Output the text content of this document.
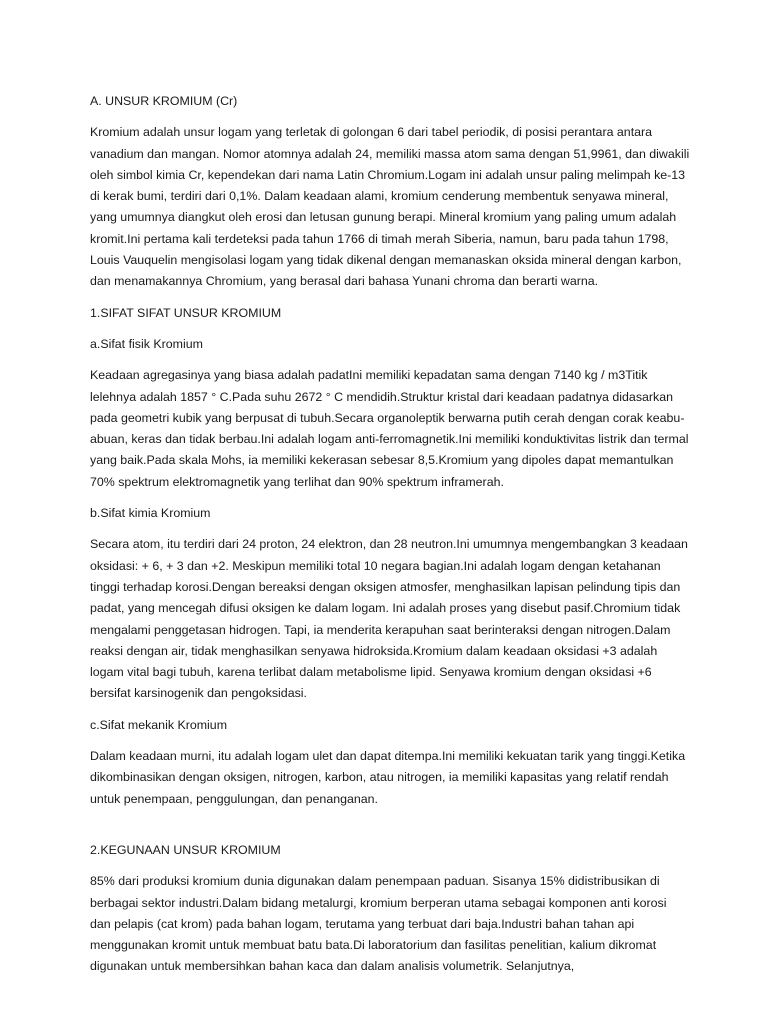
A. UNSUR KROMIUM (Cr)

Kromium adalah unsur logam yang terletak di golongan 6 dari tabel periodik, di posisi perantara antara vanadium dan mangan. Nomor atomnya adalah 24, memiliki massa atom sama dengan 51,9961, dan diwakili oleh simbol kimia Cr, kependekan dari nama Latin Chromium.Logam ini adalah unsur paling melimpah ke-13 di kerak bumi, terdiri dari 0,1%. Dalam keadaan alami, kromium cenderung membentuk senyawa mineral, yang umumnya diangkut oleh erosi dan letusan gunung berapi. Mineral kromium yang paling umum adalah kromit.Ini pertama kali terdeteksi pada tahun 1766 di timah merah Siberia, namun, baru pada tahun 1798, Louis Vauquelin mengisolasi logam yang tidak dikenal dengan memanaskan oksida mineral dengan karbon, dan menamakannya Chromium, yang berasal dari bahasa Yunani chroma dan berarti warna.

1.SIFAT SIFAT UNSUR KROMIUM

a.Sifat fisik Kromium

Keadaan agregasinya yang biasa adalah padatIni memiliki kepadatan sama dengan 7140 kg / m3Titik lelehnya adalah 1857 ° C.Pada suhu 2672 ° C mendidih.Struktur kristal dari keadaan padatnya didasarkan pada geometri kubik yang berpusat di tubuh.Secara organoleptik berwarna putih cerah dengan corak keabu-abuan, keras dan tidak berbau.Ini adalah logam anti-ferromagnetik.Ini memiliki konduktivitas listrik dan termal yang baik.Pada skala Mohs, ia memiliki kekerasan sebesar 8,5.Kromium yang dipoles dapat memantulkan 70% spektrum elektromagnetik yang terlihat dan 90% spektrum inframerah.

b.Sifat kimia Kromium

Secara atom, itu terdiri dari 24 proton, 24 elektron, dan 28 neutron.Ini umumnya mengembangkan 3 keadaan oksidasi: + 6, + 3 dan +2. Meskipun memiliki total 10 negara bagian.Ini adalah logam dengan ketahanan tinggi terhadap korosi.Dengan bereaksi dengan oksigen atmosfer, menghasilkan lapisan pelindung tipis dan padat, yang mencegah difusi oksigen ke dalam logam. Ini adalah proses yang disebut pasif.Chromium tidak mengalami penggetasan hidrogen. Tapi, ia menderita kerapuhan saat berinteraksi dengan nitrogen.Dalam reaksi dengan air, tidak menghasilkan senyawa hidroksida.Kromium dalam keadaan oksidasi +3 adalah logam vital bagi tubuh, karena terlibat dalam metabolisme lipid. Senyawa kromium dengan oksidasi +6 bersifat karsinogenik dan pengoksidasi.

c.Sifat mekanik Kromium

Dalam keadaan murni, itu adalah logam ulet dan dapat ditempa.Ini memiliki kekuatan tarik yang tinggi.Ketika dikombinasikan dengan oksigen, nitrogen, karbon, atau nitrogen, ia memiliki kapasitas yang relatif rendah untuk penempaan, penggulungan, dan penanganan.

2.KEGUNAAN UNSUR KROMIUM

85% dari produksi kromium dunia digunakan dalam penempaan paduan. Sisanya 15% didistribusikan di berbagai sektor industri.Dalam bidang metalurgi, kromium berperan utama sebagai komponen anti korosi dan pelapis (cat krom) pada bahan logam, terutama yang terbuat dari baja.Industri bahan tahan api menggunakan kromit untuk membuat batu bata.Di laboratorium dan fasilitas penelitian, kalium dikromat digunakan untuk membersihkan bahan kaca dan dalam analisis volumetrik. Selanjutnya,
